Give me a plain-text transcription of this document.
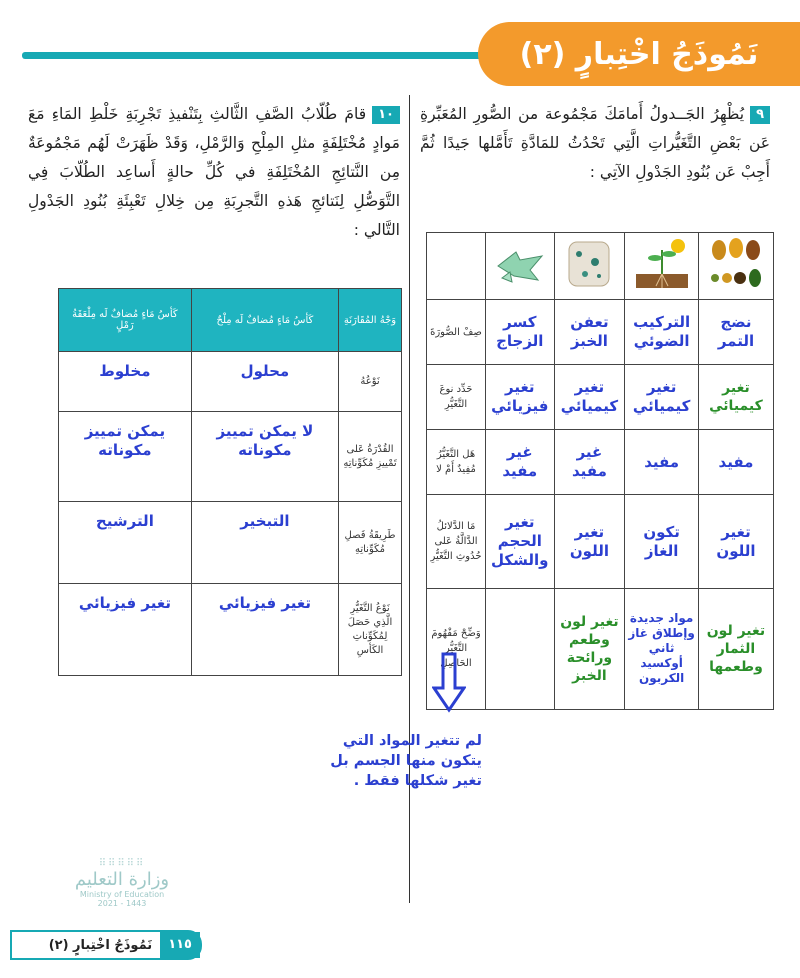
نَمُوذَجُ اخْتِبارٍ (٢)
٩يُظْهِرُ الجَــدولُ أَمامَكَ مَجْمُوعة من الصُّورِ المُعَبِّرةِ عَن بَعْضِ التَّغَيُّراتِ الَّتِي تَحْدُثُ للمَادَّةِ تَأَمَّلها جَيدًا ثُمَّ أَجِبْ عَن بُنُودِ الجَدْولِ الآتِي :

نضج التمر	التركيب الضوئي	تعفن الخبز	كسر الزجاج	صِفْ الصُّورَةَ
تغير كيميائي	تغير كيميائي	تغير كيميائي	تغير فيزيائي	حَدِّد نوعَ التَّغَيُّرِ
مفيد	مفيد	غير مفيد	غير مفيد	هَل التَّغَيُّرُ مُفِيدٌ أَمْ لا
تغير اللون	تكون الغاز	تغير اللون	تغير الحجم والشكل	مَا الدَّلائلُ الدَّالَّةُ عَلى حُدُوثِ التَّغَيُّرِ
تغير لون الثمار وطعمها	مواد جديدة وإطلاق غاز ثاني أوكسيد الكربون	تغير لون وطعم ورائحة الخبز		وَضِّحْ مَفْهُومَ التَّغَيُّرِ الحَاصِلِ
لم تتغير المواد التي يتكون منها الجسم بل تغير شكلها فقط .
١٠قامَ طُلّابُ الصَّفِ الثَّالثِ بِتَنْفيذِ تَجْرِبَةِ خَلْطِ المَاءِ مَعَ مَوادٍ مُخْتَلِفَةٍ مثلِ المِلْحِ وَالرَّمْلِ، وَقَدْ ظَهَرَتْ لَهُم مَجْمُوعَةٌ مِن النَّتائِجِ المُخْتَلِفَةِ في كُلِّ حالةٍ أَساعِد الطُلّابَ فِي التَّوَصُّلِ لِنَتائجِ هَذهِ التَّجرِبَةِ مِن خِلالِ تَعْبِئَةِ بُنُودِ الجَدْولِ التَّالي :
وَجْهُ المُقَارَنَةِ	كَأسُ مَاءٍ مُضافٌ لَه مِلْحٌ	كَأسُ مَاءٍ مُضافٌ لَه مِلْعَقَةُ رَمْلٍ
نَوْعُهُ	محلول	مخلوط
القُدْرَةُ عَلى تَمْييزِ مُكَوِّناتِهِ	لا يمكن تمييز مكوناته	يمكن تمييز مكوناته
طَرِيقَةُ فَصلِ مُكَوِّناتِهِ	التبخير	الترشيح
نَوْعُ التَّغَيُّرِ الَّذِي حَصَلَ لِمُكَوِّناتِ الكَأسِ	تغير فيزيائي	تغير فيزيائي
⠿⠿⠿⠿⠿
وزارة التعليم
Ministry of Education
2021 - 1443
١١٥
نَمُوذَجُ اخْتِبارٍ (٢)
